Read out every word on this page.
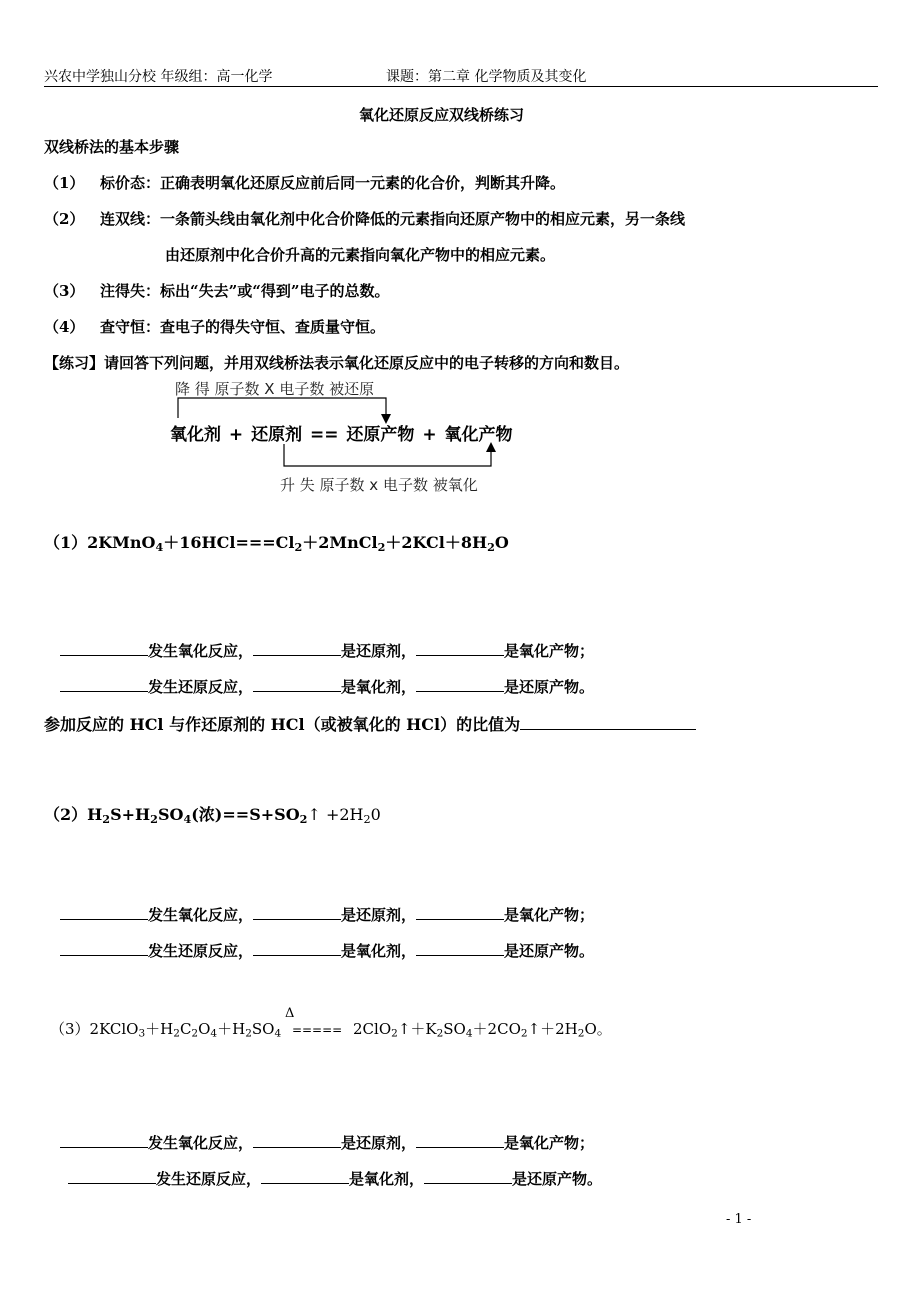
兴农中学独山分校 年级组：高一化学	课题：第二章 化学物质及其变化
氧化还原反应双线桥练习
双线桥法的基本步骤
（1） 标价态：正确表明氧化还原反应前后同一元素的化合价，判断其升降。
（2） 连双线：一条箭头线由氧化剂中化合价降低的元素指向还原产物中的相应元素，另一条线
由还原剂中化合价升高的元素指向氧化产物中的相应元素。
（3） 注得失：标出“失去”或“得到”电子的总数。
（4） 查守恒：查电子的得失守恒、查质量守恒。
【练习】请回答下列问题，并用双线桥法表示氧化还原反应中的电子转移的方向和数目。
降 得 原子数 X 电子数 被还原
氧化剂 + 还原剂 == 还原产物 + 氧化产物
升 失 原子数 x 电子数 被氧化
$(1)2KMnO_4+16HCl===Cl_2+2MnCl_2+2KCl+8H_2O$
发生氧化反应，	是还原剂，	是氧化产物；
发生还原反应，	是氧化剂，	是还原产物。
参加反应的 HCl 与作还原剂的 HCl（或被氧化的 HCl）的比值为
$(2)H_2S+H_2SO_4$(浓)$==S+SO_2↑ +2H_20$
发生氧化反应，	是还原剂，	是氧化产物；
发生还原反应，	是氧化剂，	是还原产物。
Δ
$(3)2KClO_3+H_2C_2O_4+H_2SO_4$ ===== $2ClO_2↑+K_2SO_4+2CO_2↑+2H_2O$。
发生氧化反应，	是还原剂，	是氧化产物；
发生还原反应，	是氧化剂，	是还原产物。
- 1 -
